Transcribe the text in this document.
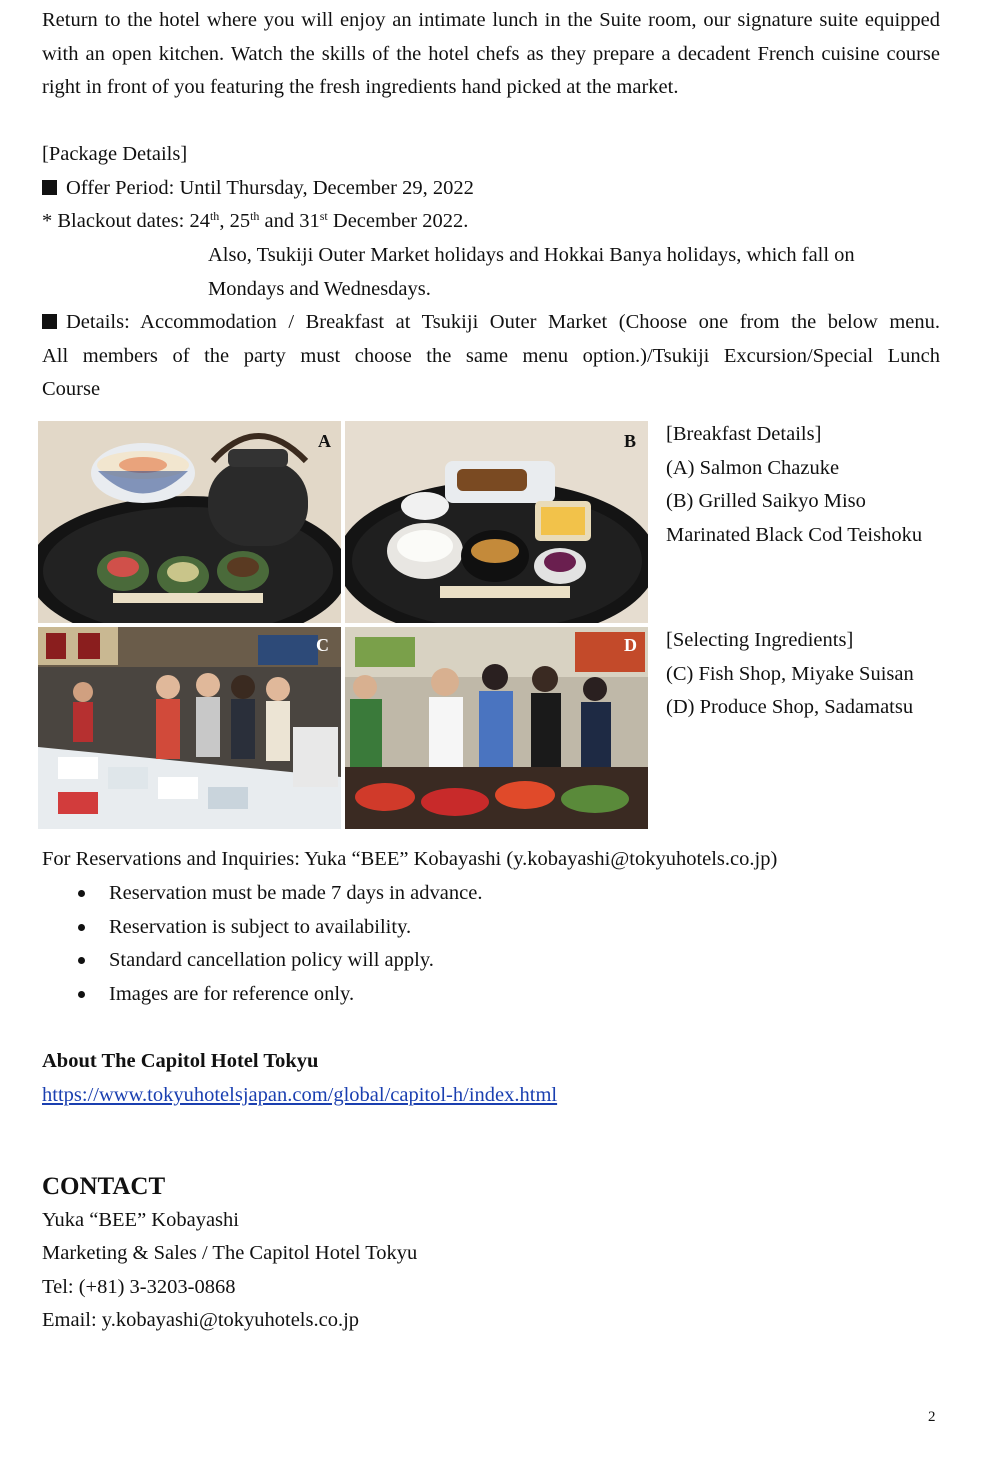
Return to the hotel where you will enjoy an intimate lunch in the Suite room, our signature suite equipped with an open kitchen. Watch the skills of the hotel chefs as they prepare a decadent French cuisine course right in front of you featuring the fresh ingredients hand picked at the market.

[Package Details]
Offer Period: Until Thursday, December 29, 2022
* Blackout dates: 24th, 25th and 31st December 2022.
Also, Tsukiji Outer Market holidays and Hokkai Banya holidays, which fall on
Mondays and Wednesdays.
Details: Accommodation / Breakfast at Tsukiji Outer Market (Choose one from the below menu.
All members of the party must choose the same menu option.)/Tsukiji Excursion/Special Lunch
Course
A	B
C	D
[Breakfast Details]
(A) Salmon Chazuke
(B) Grilled Saikyo Miso
Marinated Black Cod Teishoku
[Selecting Ingredients]
(C) Fish Shop, Miyake Suisan
(D) Produce Shop, Sadamatsu
For Reservations and Inquiries: Yuka “BEE” Kobayashi (y.kobayashi@tokyuhotels.co.jp)
Reservation must be made 7 days in advance.
Reservation is subject to availability.
Standard cancellation policy will apply.
Images are for reference only.
About The Capitol Hotel Tokyu
https://www.tokyuhotelsjapan.com/global/capitol-h/index.html
CONTACT
Yuka “BEE” Kobayashi
Marketing & Sales / The Capitol Hotel Tokyu
Tel: (+81) 3-3203-0868
Email: y.kobayashi@tokyuhotels.co.jp
2
